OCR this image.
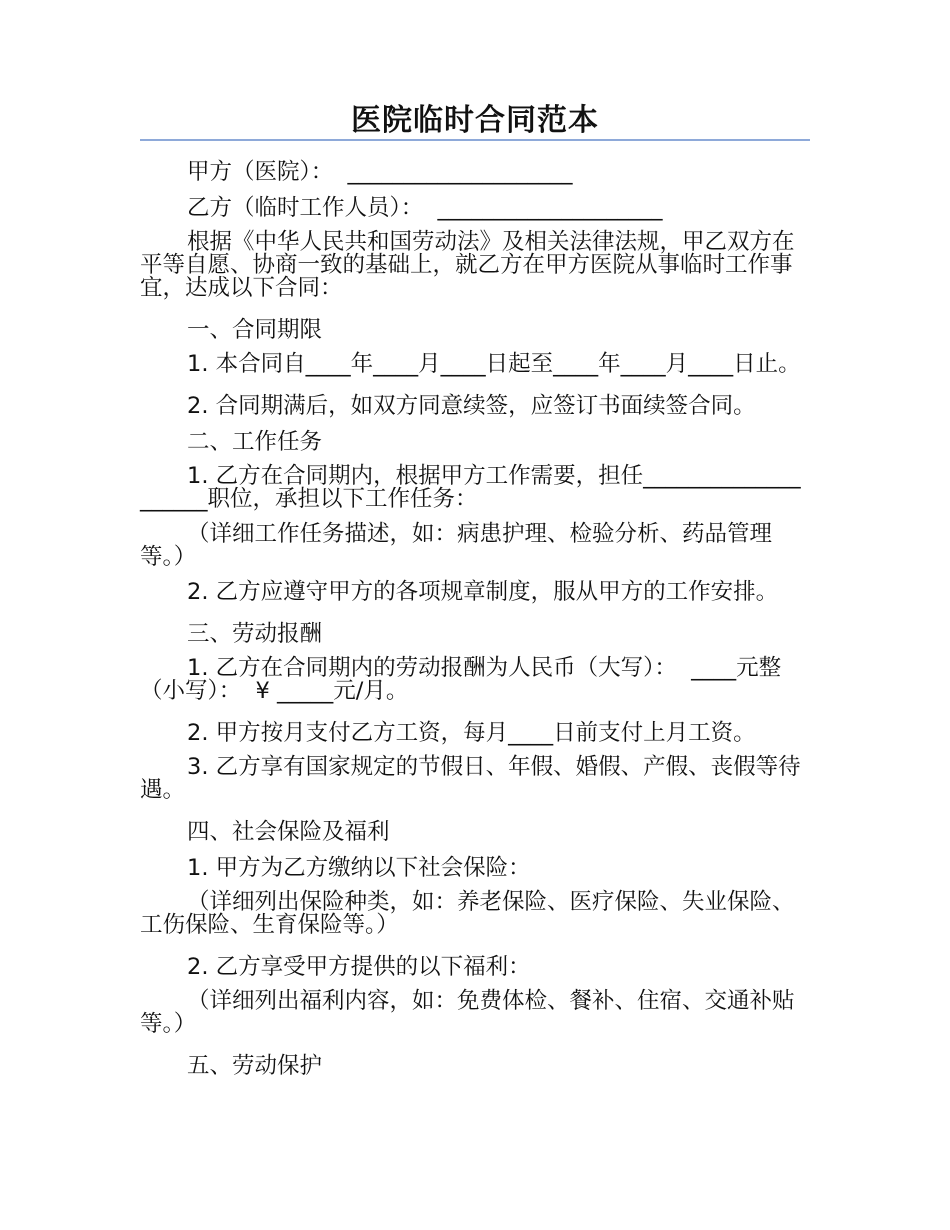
医院临时合同范本

甲方（医院）：  ____________________

乙方（临时工作人员）：  ____________________

根据《中华人民共和国劳动法》及相关法律法规，甲乙双方在平等自愿、协商一致的基础上，就乙方在甲方医院从事临时工作事宜，达成以下合同：

一、合同期限

1. 本合同自____年____月____日起至____年____月____日止。

2. 合同期满后，如双方同意续签，应签订书面续签合同。

二、工作任务

1. 乙方在合同期内，根据甲方工作需要，担任____________________职位，承担以下工作任务：

（详细工作任务描述，如：病患护理、检验分析、药品管理等。）

2. 乙方应遵守甲方的各项规章制度，服从甲方的工作安排。

三、劳动报酬

1. 乙方在合同期内的劳动报酬为人民币（大写）：  ____元整（小写）：  ¥ _____元/月。

2. 甲方按月支付乙方工资，每月____日前支付上月工资。

3. 乙方享有国家规定的节假日、年假、婚假、产假、丧假等待遇。

四、社会保险及福利

1. 甲方为乙方缴纳以下社会保险：

（详细列出保险种类，如：养老保险、医疗保险、失业保险、工伤保险、生育保险等。）

2. 乙方享受甲方提供的以下福利：

（详细列出福利内容，如：免费体检、餐补、住宿、交通补贴等。）

五、劳动保护
